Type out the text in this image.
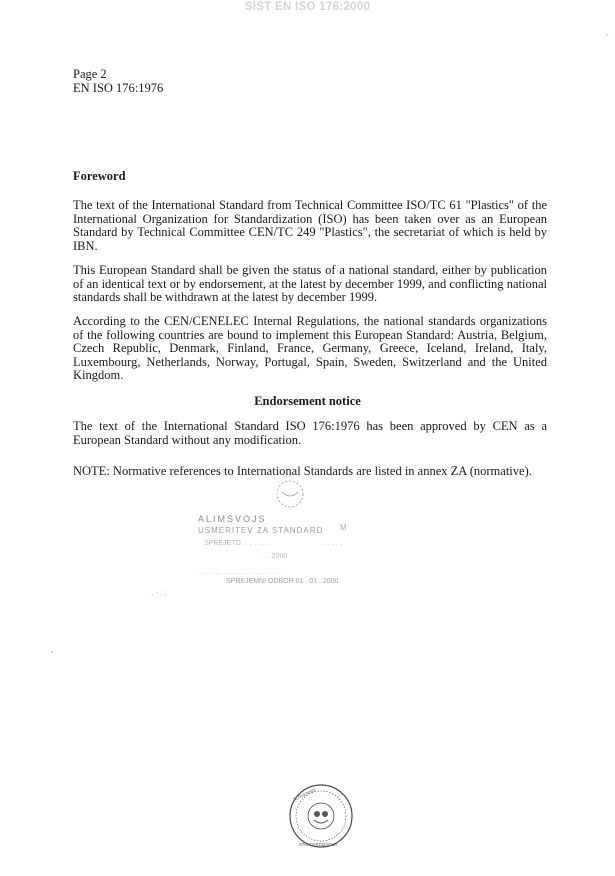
SIST EN ISO 176:2000
-
Page 2
EN ISO 176:1976
Foreword

The text of the International Standard from Technical Committee ISO/TC 61 "Plastics" of the International Organization for Standardization (ISO) has been taken over as an European Standard by Technical Committee CEN/TC 249 "Plastics", the secretariat of which is held by IBN.

This European Standard shall be given the status of a national standard, either by publication of an identical text or by endorsement, at the latest by december 1999, and conflicting national standards shall be withdrawn at the latest by december 1999.

According to the CEN/CENELEC Internal Regulations, the national standards organizations of the following countries are bound to implement this European Standard: Austria, Belgium, Czech Republic, Denmark, Finland, France, Germany, Greece, Iceland, Ireland, Italy, Luxembourg, Netherlands, Norway, Portugal, Spain, Sweden, Switzerland and the United Kingdom.

Endorsement notice

The text of the International Standard ISO 176:1976 has been approved by CEN as a European Standard without any modification.

NOTE: Normative references to International Standards are listed in annex ZA (normative).

ALIMSVOJS
USMERITEV ZA STANDARD M
SPREJETO . . . . . . . .	. . . . . .
. . . 2000
. . . . . . . . . . . . . . . . . . . . . . .
SPREJEMNI ODBOR 01 . 01 . 2000
. . - . ;
SLOVENSKI
STANDARDIZACIJA
